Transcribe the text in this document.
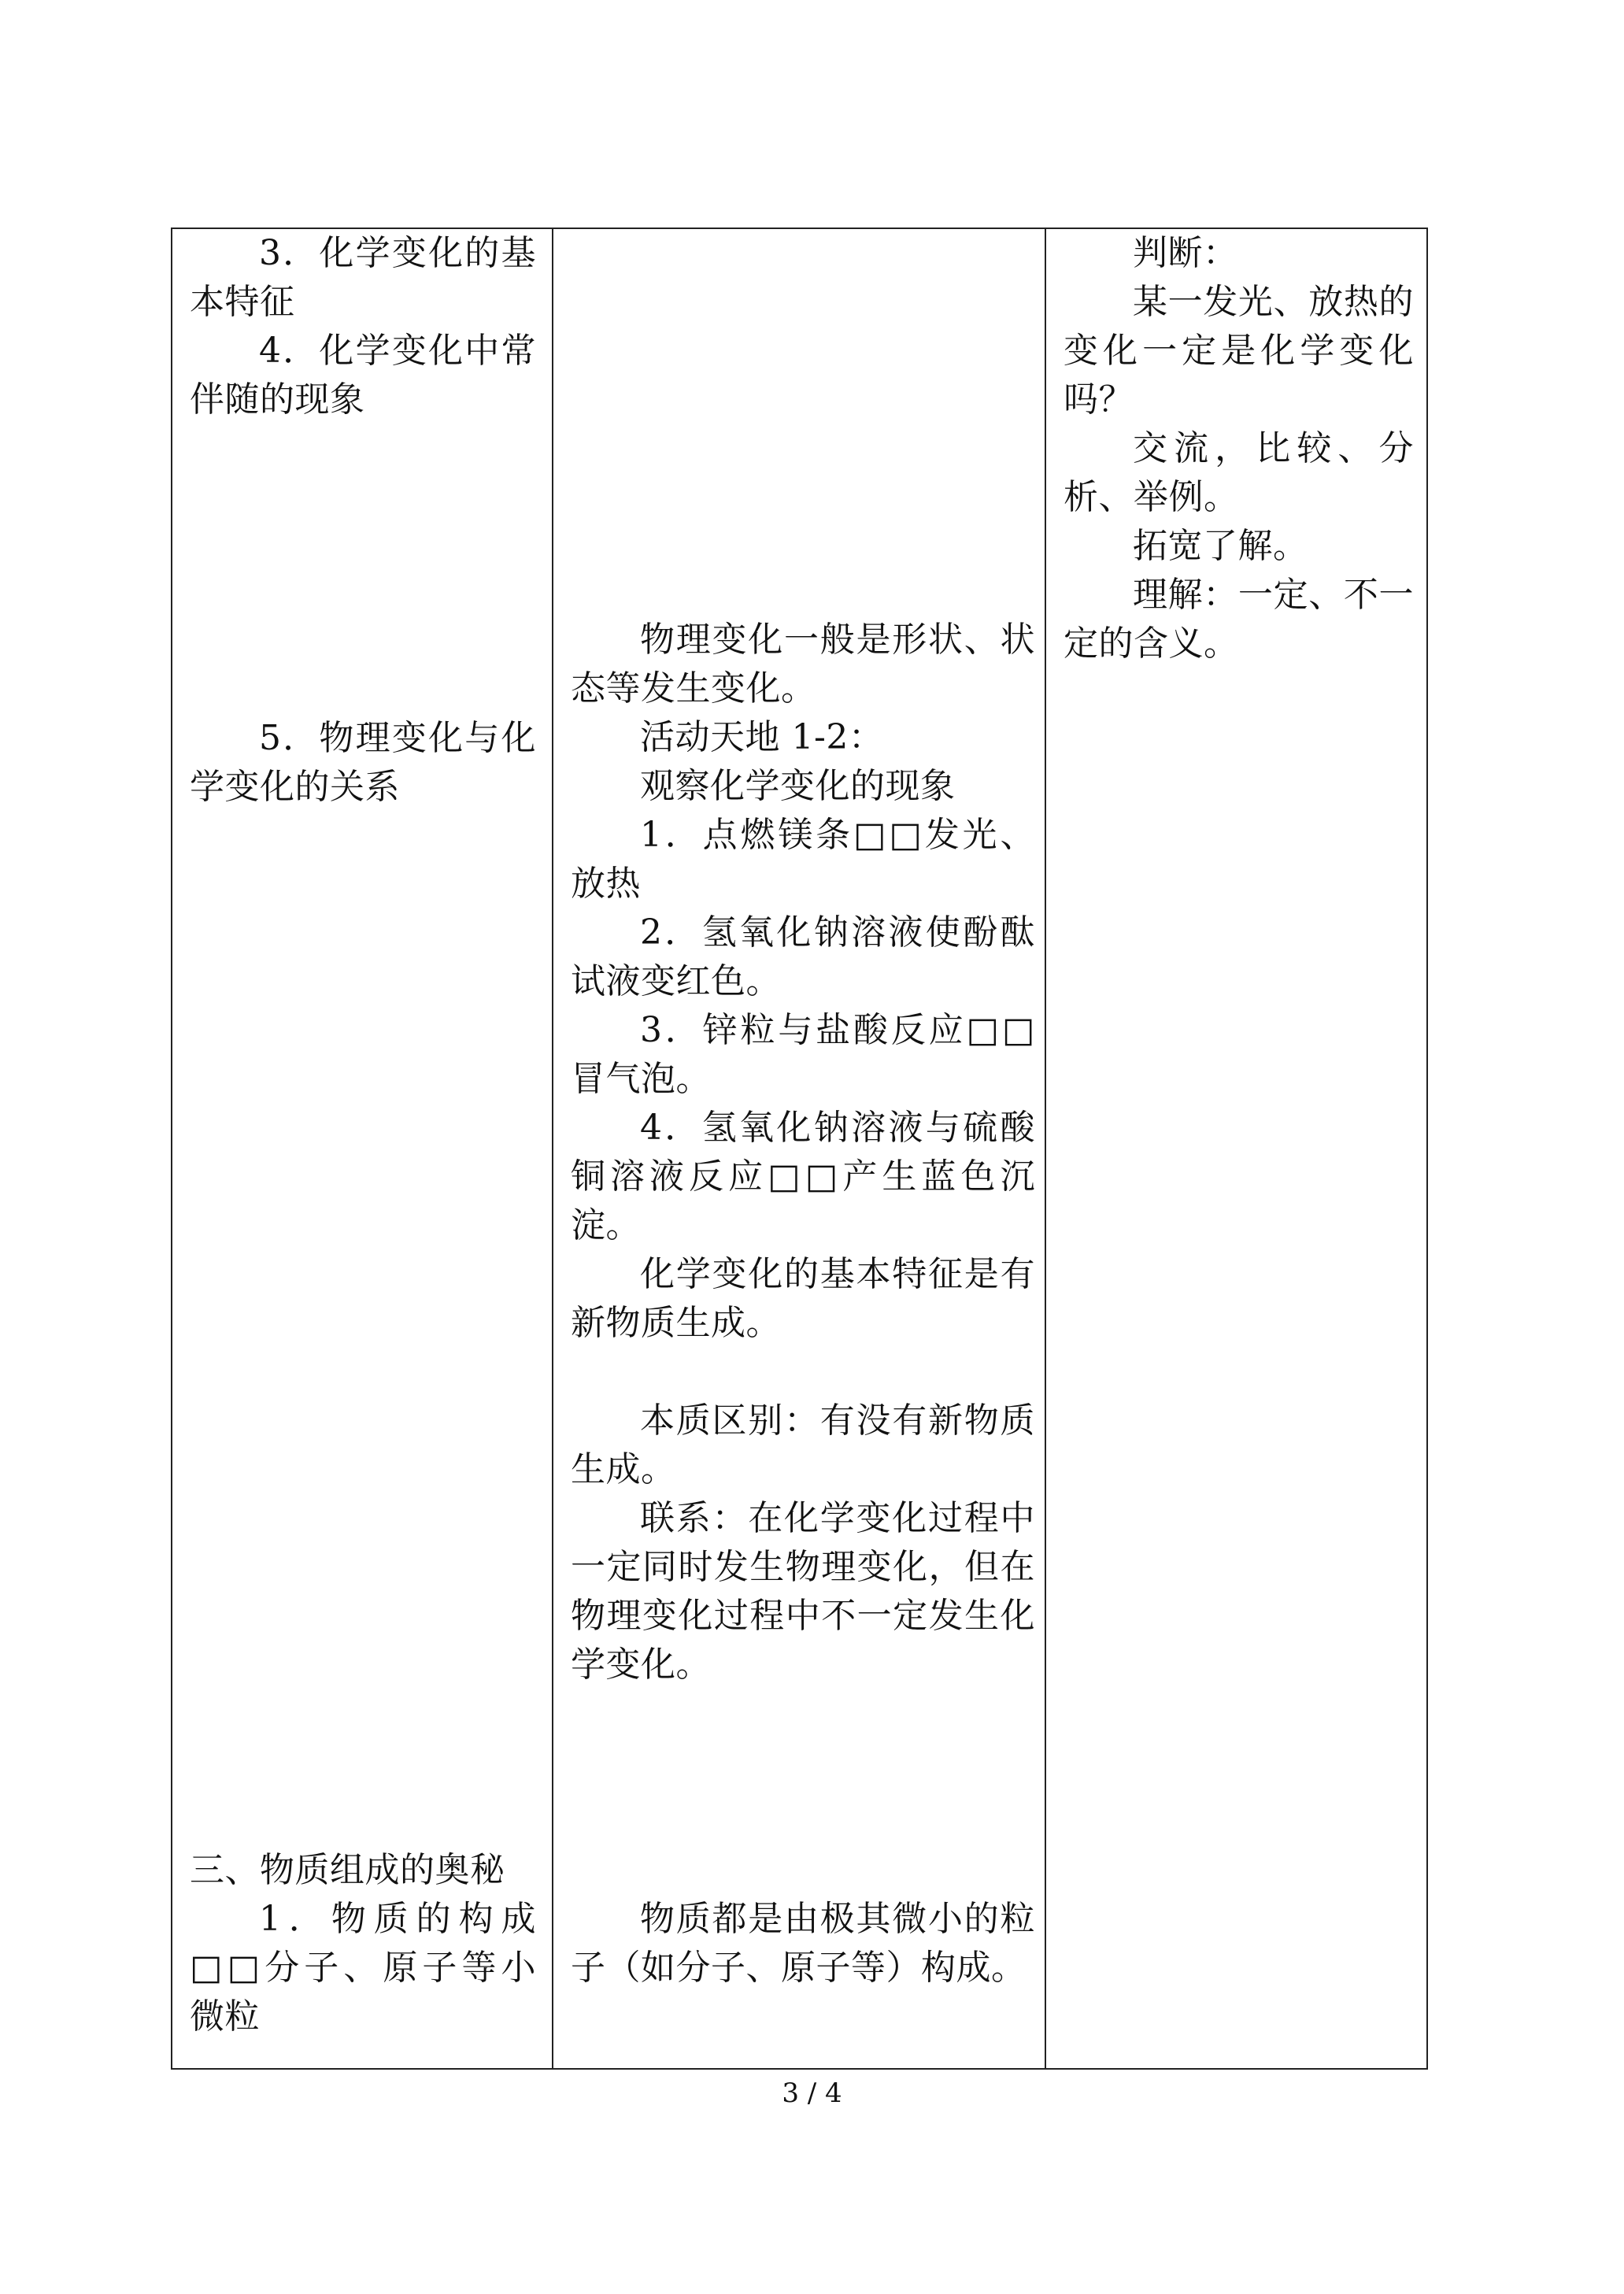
3．化学变化的基本特征
4．化学变化中常伴随的现象
5．物理变化与化学变化的关系
三、物质组成的奥秘
1．物质的构成□□分子、原子等小微粒
物理变化一般是形状、状态等发生变化。
活动天地 1-2：
观察化学变化的现象
1．点燃镁条□□发光、放热
2．氢氧化钠溶液使酚酞试液变红色。
3．锌粒与盐酸反应□□冒气泡。
4．氢氧化钠溶液与硫酸铜溶液反应□□产生蓝色沉淀。
化学变化的基本特征是有新物质生成。
本质区别：有没有新物质生成。
联系：在化学变化过程中一定同时发生物理变化，但在物理变化过程中不一定发生化学变化。
物质都是由极其微小的粒子（如分子、原子等）构成。
判断：
某一发光、放热的变化一定是化学变化吗？
交流，比较、分析、举例。
拓宽了解。
理解：一定、不一定的含义。
3 / 4
